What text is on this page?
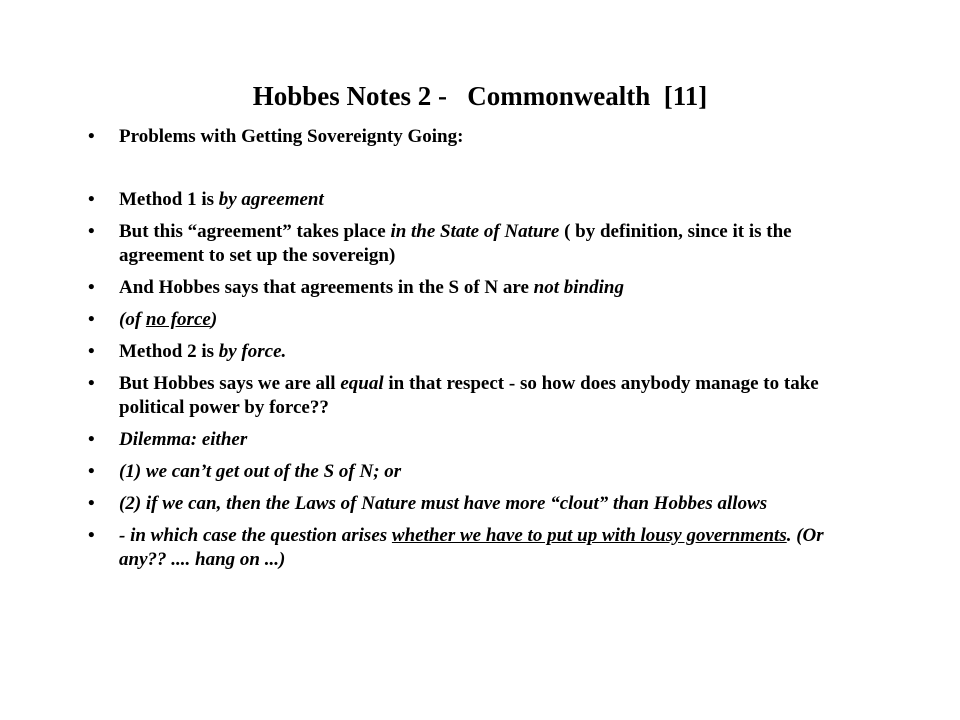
Hobbes Notes 2 -   Commonwealth  [11]
• Problems with Getting Sovereignty Going:
• Method 1 is by agreement
• But this “agreement” takes place in the State of Nature ( by definition, since it is the agreement to set up the sovereign)
• And Hobbes says that agreements in the S of N are not binding
• (of no force)
• Method 2 is by force.
• But Hobbes says we are all equal in that respect - so how does anybody manage to take political power by force??
• Dilemma: either
• (1) we can’t get out of the S of N; or
• (2) if we can, then the Laws of Nature must have more “clout” than Hobbes allows
• - in which case the question arises whether we have to put up with lousy governments. (Or any?? .... hang on ...)
